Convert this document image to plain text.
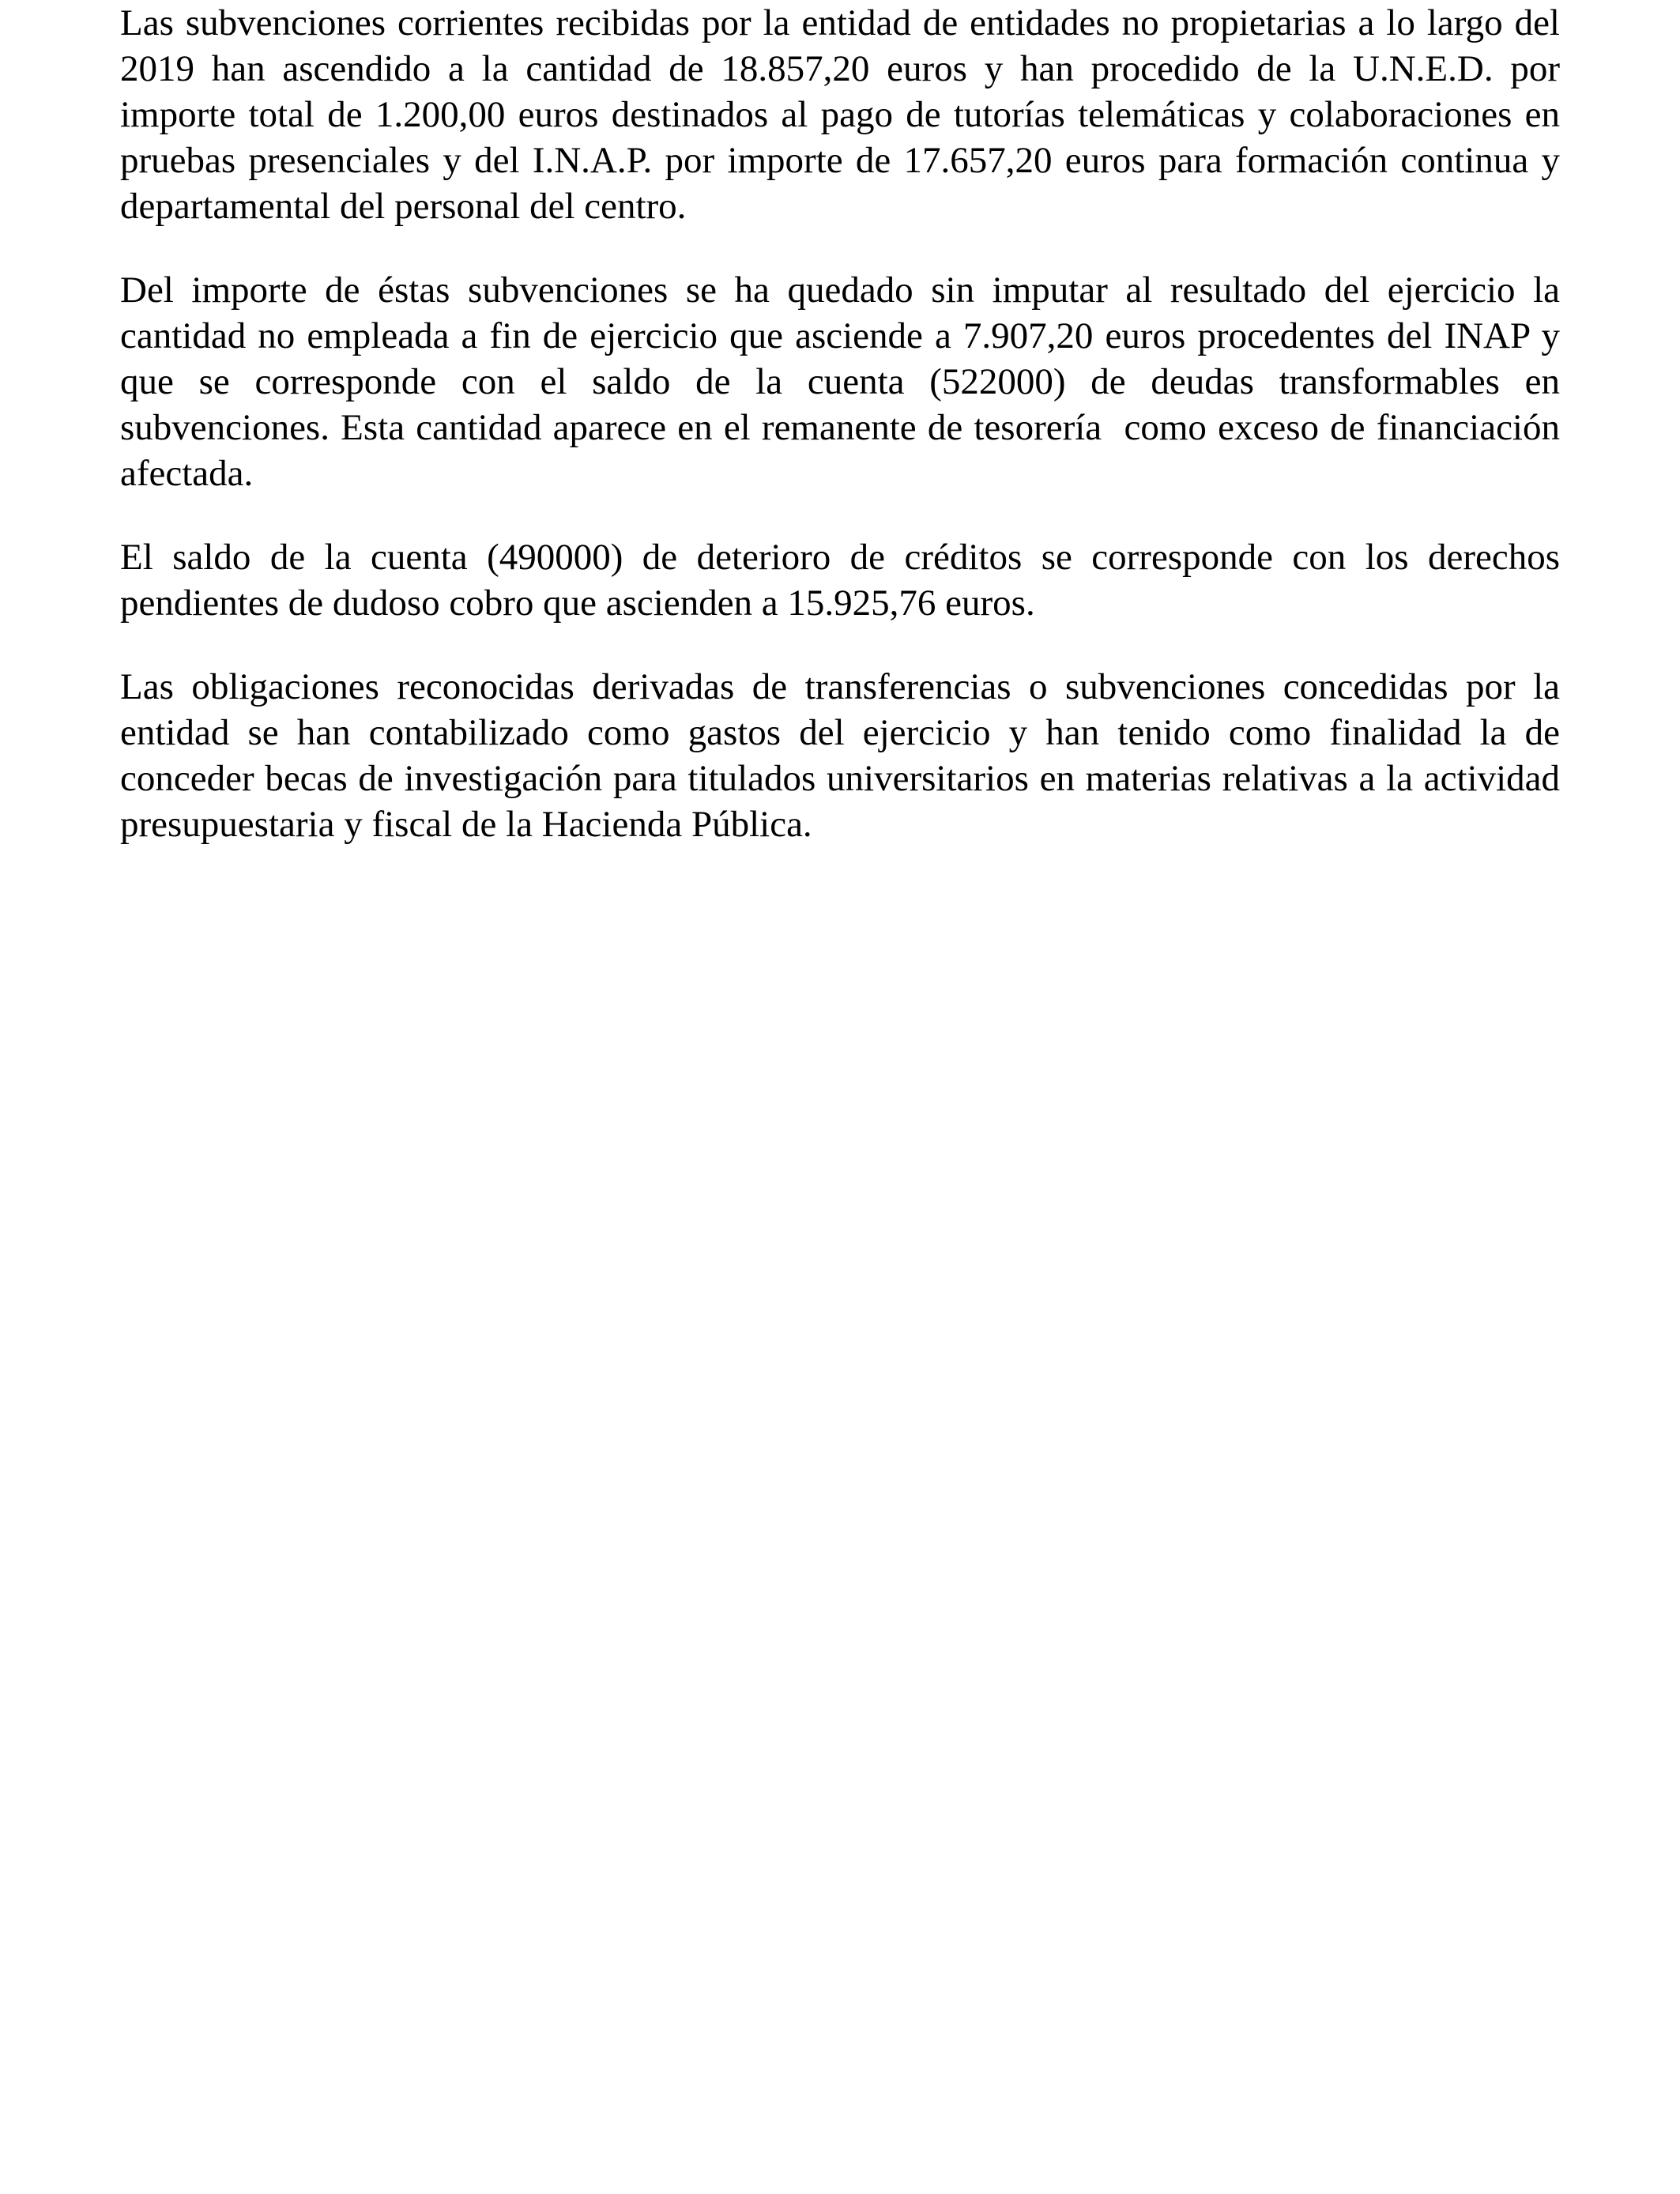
Las subvenciones corrientes recibidas por la entidad de entidades no propietarias a lo largo del 2019 han ascendido a la cantidad de 18.857,20 euros y han procedido de la U.N.E.D. por importe total de 1.200,00 euros destinados al pago de tutorías telemáticas y colaboraciones en pruebas presenciales y del I.N.A.P. por importe de 17.657,20 euros para formación continua y departamental del personal del centro.

Del importe de éstas subvenciones se ha quedado sin imputar al resultado del ejercicio la cantidad no empleada a fin de ejercicio que asciende a 7.907,20 euros procedentes del INAP y que se corresponde con el saldo de la cuenta (522000) de deudas transformables en subvenciones. Esta cantidad aparece en el remanente de tesorería  como exceso de financiación afectada.

El saldo de la cuenta (490000) de deterioro de créditos se corresponde con los derechos pendientes de dudoso cobro que ascienden a 15.925,76 euros.

Las obligaciones reconocidas derivadas de transferencias o subvenciones concedidas por la entidad se han contabilizado como gastos del ejercicio y han tenido como finalidad la de conceder becas de investigación para titulados universitarios en materias relativas a la actividad presupuestaria y fiscal de la Hacienda Pública.
